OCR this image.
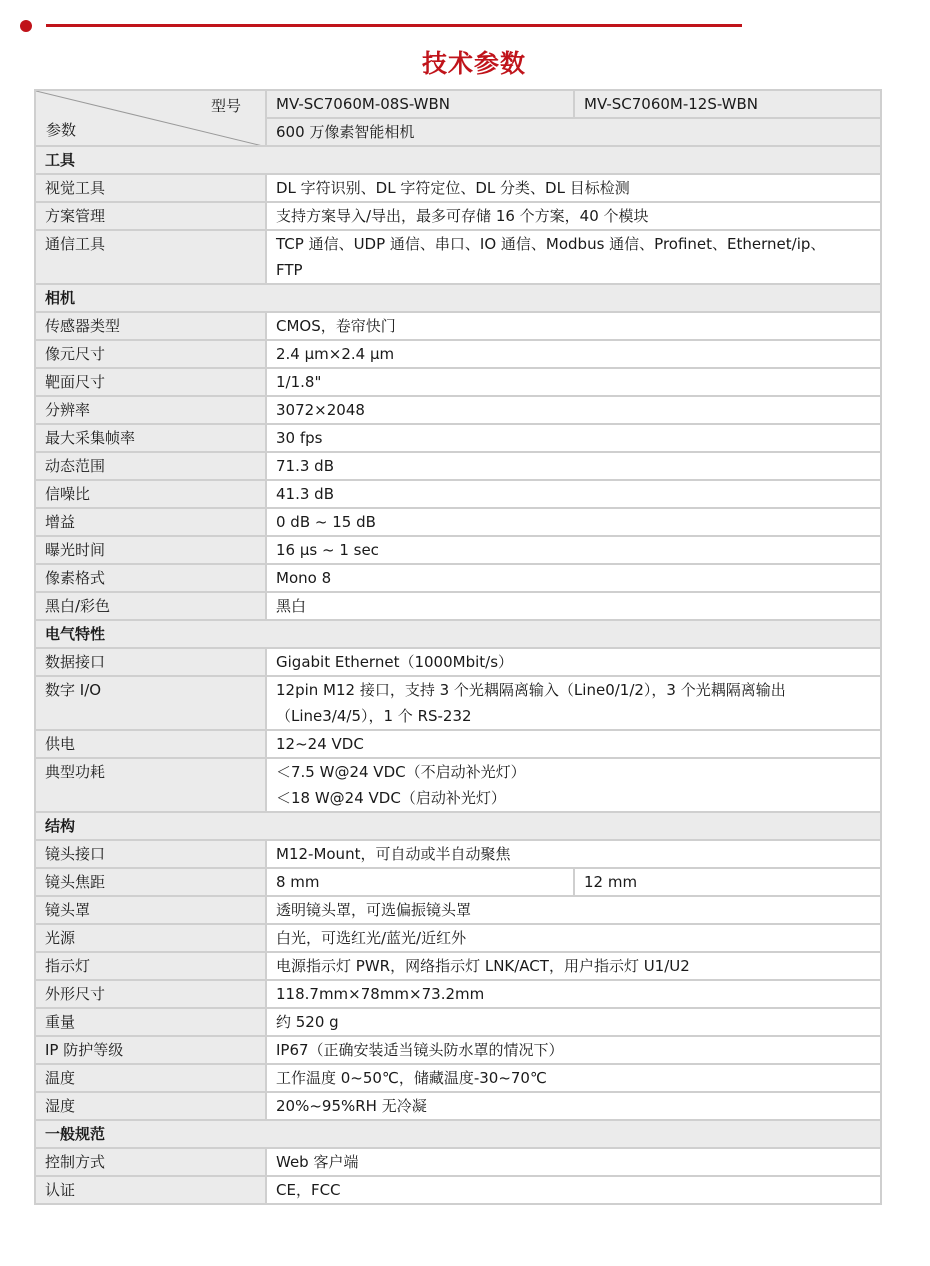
技术参数
型号
参数	MV-SC7060M-08S-WBN	MV-SC7060M-12S-WBN
	600 万像素智能相机	
工具		
视觉工具	DL 字符识别、DL 字符定位、DL 分类、DL 目标检测	
方案管理	支持方案导入/导出，最多可存储 16 个方案，40 个模块	
通信工具	TCP 通信、UDP 通信、串口、IO 通信、Modbus 通信、Profinet、Ethernet/ip、
FTP	

相机		
传感器类型	CMOS，卷帘快门	
像元尺寸	2.4 µm×2.4 µm	
靶面尺寸	1/1.8"	
分辨率	3072×2048	
最大采集帧率	30 fps	
动态范围	71.3 dB	
信噪比	41.3 dB	
增益	0 dB ~ 15 dB	
曝光时间	16 µs ~ 1 sec	
像素格式	Mono 8	
黑白/彩色	黑白	
电气特性		
数据接口	Gigabit Ethernet（1000Mbit/s）	
数字 I/O	12pin M12 接口，支持 3 个光耦隔离输入（Line0/1/2），3 个光耦隔离输出
（Line3/4/5），1 个 RS-232	

供电	12~24 VDC	
典型功耗	＜7.5 W@24 VDC（不启动补光灯）
＜18 W@24 VDC（启动补光灯）	

结构		
镜头接口	M12-Mount，可自动或半自动聚焦	
镜头焦距	8 mm	12 mm
镜头罩	透明镜头罩，可选偏振镜头罩	
光源	白光，可选红光/蓝光/近红外	
指示灯	电源指示灯 PWR，网络指示灯 LNK/ACT，用户指示灯 U1/U2	
外形尺寸	118.7mm×78mm×73.2mm	
重量	约 520 g	
IP 防护等级	IP67（正确安装适当镜头防水罩的情况下）	
温度	工作温度 0~50℃，储藏温度-30~70℃	
湿度	20%~95%RH 无冷凝	
一般规范		
控制方式	Web 客户端	
认证	CE，FCC	
